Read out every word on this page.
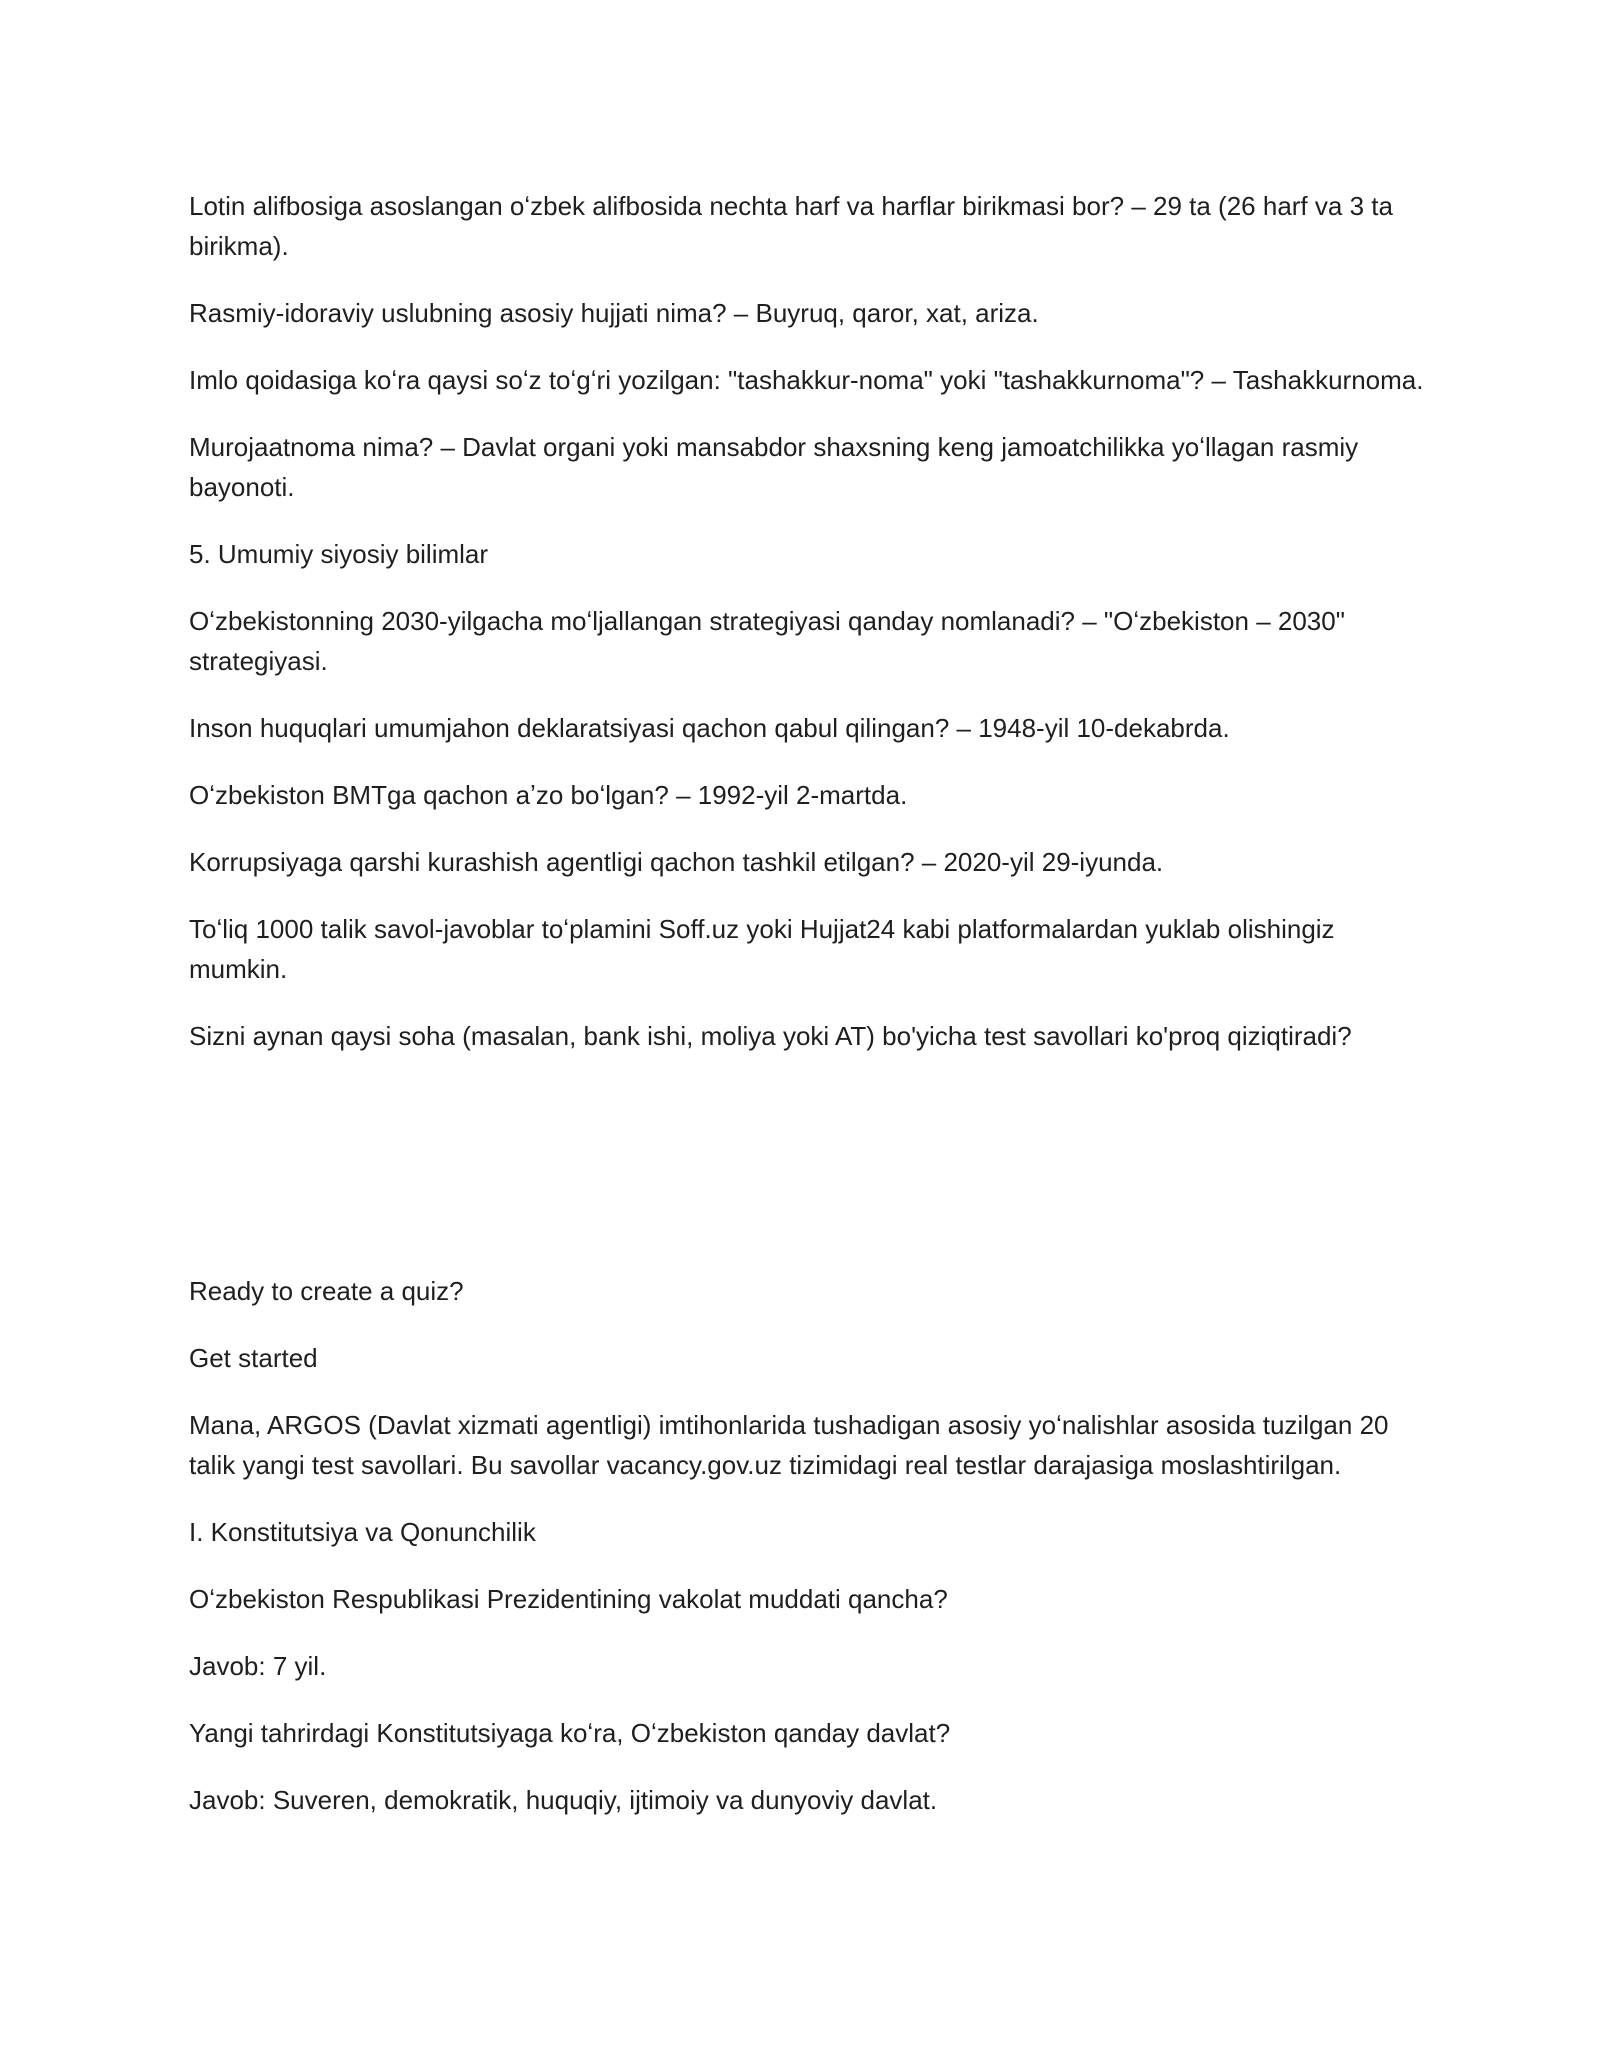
Lotin alifbosiga asoslangan oʻzbek alifbosida nechta harf va harflar birikmasi bor? – 29 ta (26 harf va 3 ta birikma).

Rasmiy-idoraviy uslubning asosiy hujjati nima? – Buyruq, qaror, xat, ariza.

Imlo qoidasiga koʻra qaysi soʻz toʻgʻri yozilgan: "tashakkur-noma" yoki "tashakkurnoma"? – Tashakkurnoma.

Murojaatnoma nima? – Davlat organi yoki mansabdor shaxsning keng jamoatchilikka yoʻllagan rasmiy bayonoti.

5. Umumiy siyosiy bilimlar

Oʻzbekistonning 2030-yilgacha moʻljallangan strategiyasi qanday nomlanadi? – "Oʻzbekiston – 2030" strategiyasi.

Inson huquqlari umumjahon deklaratsiyasi qachon qabul qilingan? – 1948-yil 10-dekabrda.

Oʻzbekiston BMTga qachon aʼzo boʻlgan? – 1992-yil 2-martda.

Korrupsiyaga qarshi kurashish agentligi qachon tashkil etilgan? – 2020-yil 29-iyunda.

Toʻliq 1000 talik savol-javoblar toʻplamini Soff.uz yoki Hujjat24 kabi platformalardan yuklab olishingiz mumkin.

Sizni aynan qaysi soha (masalan, bank ishi, moliya yoki AT) bo'yicha test savollari ko'proq qiziqtiradi?

Ready to create a quiz?

Get started

Mana, ARGOS (Davlat xizmati agentligi) imtihonlarida tushadigan asosiy yoʻnalishlar asosida tuzilgan 20 talik yangi test savollari. Bu savollar vacancy.gov.uz tizimidagi real testlar darajasiga moslashtirilgan.

I. Konstitutsiya va Qonunchilik

Oʻzbekiston Respublikasi Prezidentining vakolat muddati qancha?

Javob: 7 yil.

Yangi tahrirdagi Konstitutsiyaga koʻra, Oʻzbekiston qanday davlat?

Javob: Suveren, demokratik, huquqiy, ijtimoiy va dunyoviy davlat.
